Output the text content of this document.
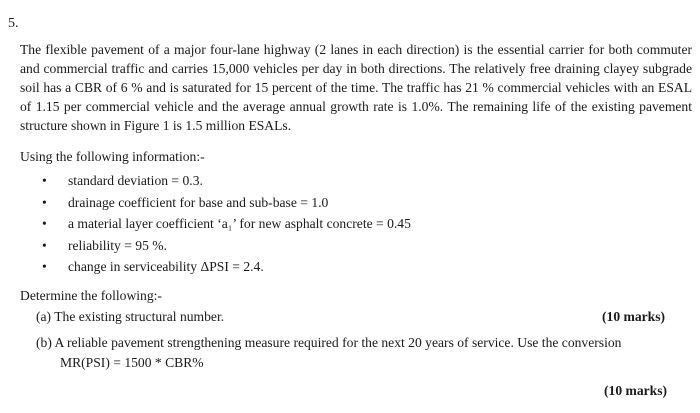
5.
The flexible pavement of a major four-lane highway (2 lanes in each direction) is the essential carrier for both commuter and commercial traffic and carries 15,000 vehicles per day in both directions. The relatively free draining clayey subgrade soil has a CBR of 6 % and is saturated for 15 percent of the time. The traffic has 21 % commercial vehicles with an ESAL of 1.15 per commercial vehicle and the average annual growth rate is 1.0%. The remaining life of the existing pavement structure shown in Figure 1 is 1.5 million ESALs.
Using the following information:-
• standard deviation = 0.3.
• drainage coefficient for base and sub-base = 1.0
• a material layer coefficient ‘a₁’ for new asphalt concrete = 0.45
• reliability = 95 %.
• change in serviceability ΔPSI = 2.4.
Determine the following:-
(a) The existing structural number.	(10 marks)
(b) A reliable pavement strengthening measure required for the next 20 years of service. Use the conversion
MR(PSI) = 1500 * CBR%
(10 marks)
